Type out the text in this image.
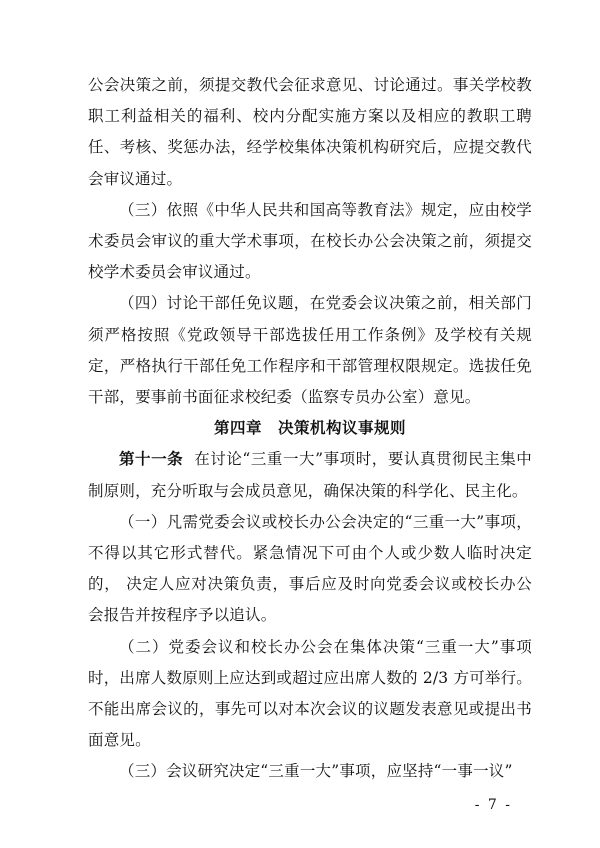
公会决策之前，须提交教代会征求意见、讨论通过。事关学校教职工利益相关的福利、校内分配实施方案以及相应的教职工聘任、考核、奖惩办法，经学校集体决策机构研究后，应提交教代会审议通过。

（三）依照《中华人民共和国高等教育法》规定，应由校学术委员会审议的重大学术事项，在校长办公会决策之前，须提交校学术委员会审议通过。

（四）讨论干部任免议题，在党委会议决策之前，相关部门须严格按照《党政领导干部选拔任用工作条例》及学校有关规定，严格执行干部任免工作程序和干部管理权限规定。选拔任免干部，要事前书面征求校纪委（监察专员办公室）意见。

第四章 决策机构议事规则

第十一条 在讨论“三重一大”事项时，要认真贯彻民主集中制原则，充分听取与会成员意见，确保决策的科学化、民主化。

（一）凡需党委会议或校长办公会决定的“三重一大”事项，不得以其它形式替代。紧急情况下可由个人或少数人临时决定的， 决定人应对决策负责，事后应及时向党委会议或校长办公会报告并按程序予以追认。

（二）党委会议和校长办公会在集体决策“三重一大”事项时，出席人数原则上应达到或超过应出席人数的 2/3 方可举行。不能出席会议的，事先可以对本次会议的议题发表意见或提出书面意见。

（三）会议研究决定“三重一大”事项，应坚持“一事一议”

- 7 -
